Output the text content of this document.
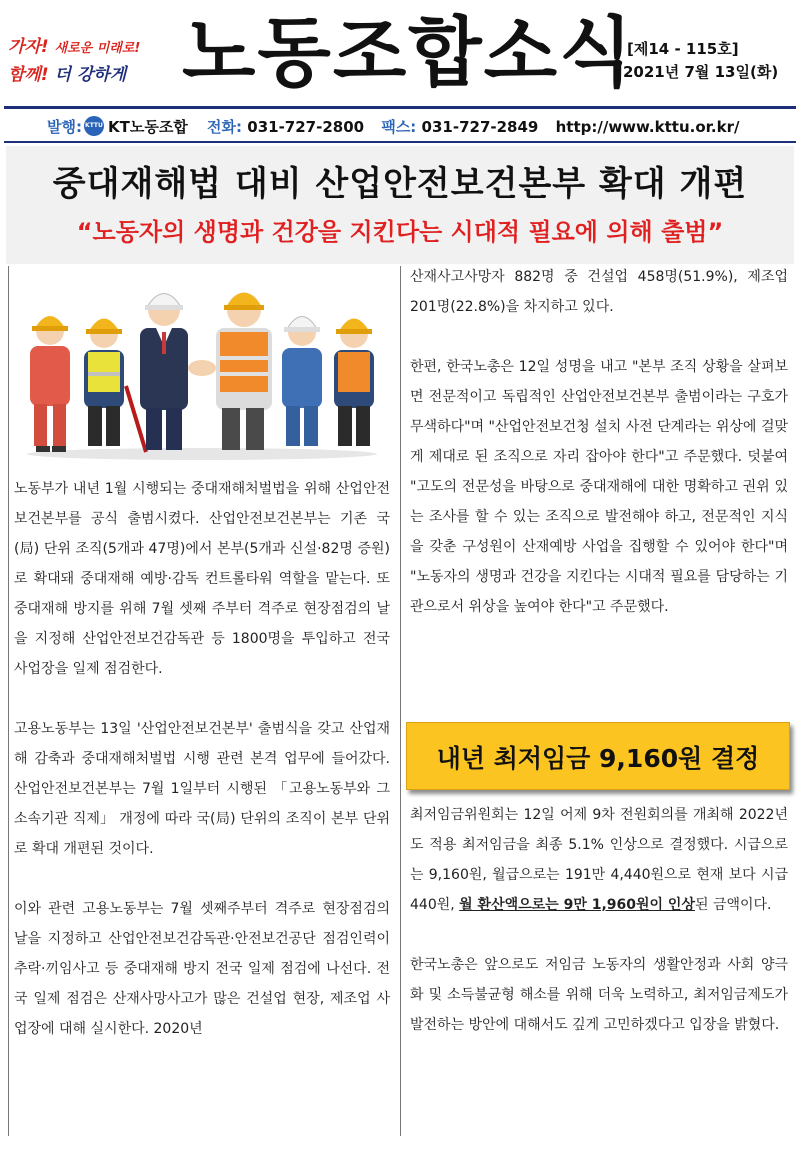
가자! 새로운 미래로!
함께! 더 강하게 노동조합소식
[제14 - 115호]
2021년 7월 13일(화)
발행: KTTU KT노동조합 전화: 031-727-2800 팩스: 031-727-2849 http://www.kttu.or.kr/
중대재해법 대비 산업안전보건본부 확대 개편
“노동자의 생명과 건강을 지킨다는 시대적 필요에 의해 출범”

노동부가 내년 1월 시행되는 중대재해처벌법을 위해 산업안전보건본부를 공식 출범시켰다. 산업안전보건본부는 기존 국(局) 단위 조직(5개과 47명)에서 본부(5개과 신설·82명 증원)로 확대돼 중대재해 예방·감독 컨트롤타워 역할을 맡는다. 또 중대재해 방지를 위해 7월 셋째 주부터 격주로 현장점검의 날을 지정해 산업안전보건감독관 등 1800명을 투입하고 전국 사업장을 일제 점검한다.

고용노동부는 13일 '산업안전보건본부' 출범식을 갖고 산업재해 감축과 중대재해처벌법 시행 관련 본격 업무에 들어갔다. 산업안전보건본부는 7월 1일부터 시행된 「고용노동부와 그 소속기관 직제」 개정에 따라 국(局) 단위의 조직이 본부 단위로 확대 개편된 것이다.

이와 관련 고용노동부는 7월 셋째주부터 격주로 현장점검의 날을 지정하고 산업안전보건감독관·안전보건공단 점검인력이 추락·끼임사고 등 중대재해 방지 전국 일제 점검에 나선다. 전국 일제 점검은 산재사망사고가 많은 건설업 현장, 제조업 사업장에 대해 실시한다. 2020년

산재사고사망자 882명 중 건설업 458명(51.9%), 제조업 201명(22.8%)을 차지하고 있다.

한편, 한국노총은 12일 성명을 내고 "본부 조직 상황을 살펴보면 전문적이고 독립적인 산업안전보건본부 출범이라는 구호가 무색하다"며 "산업안전보건청 설치 사전 단계라는 위상에 걸맞게 제대로 된 조직으로 자리 잡아야 한다"고 주문했다. 덧붙여 "고도의 전문성을 바탕으로 중대재해에 대한 명확하고 권위 있는 조사를 할 수 있는 조직으로 발전해야 하고, 전문적인 지식을 갖춘 구성원이 산재예방 사업을 집행할 수 있어야 한다"며 "노동자의 생명과 건강을 지킨다는 시대적 필요를 담당하는 기관으로서 위상을 높여야 한다"고 주문했다.

내년 최저임금 9,160원 결정

최저임금위원회는 12일 어제 9차 전원회의를 개최해 2022년도 적용 최저임금을 최종 5.1% 인상으로 결정했다. 시급으로는 9,160원, 월급으로는 191만 4,440원으로 현재 보다 시급 440원, 월 환산액으로는 9만 1,960원이 인상된 금액이다.

한국노총은 앞으로도 저임금 노동자의 생활안정과 사회 양극화 및 소득불균형 해소를 위해 더욱 노력하고, 최저임금제도가 발전하는 방안에 대해서도 깊게 고민하겠다고 입장을 밝혔다.
